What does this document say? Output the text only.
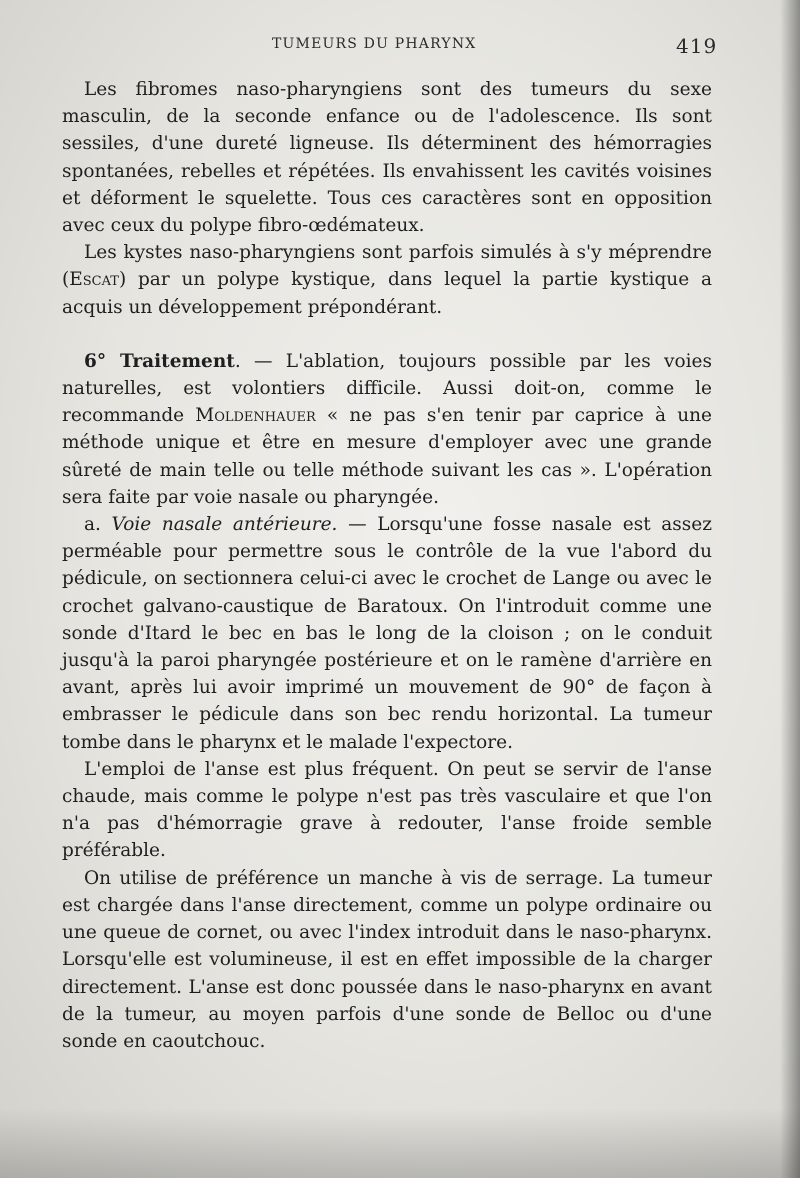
TUMEURS DU PHARYNX	419

Les fibromes naso-pharyngiens sont des tumeurs du sexe masculin, de la seconde enfance ou de l'adolescence. Ils sont sessiles, d'une dureté ligneuse. Ils déterminent des hémorragies spontanées, rebelles et répétées. Ils envahissent les cavités voisines et déforment le squelette. Tous ces caractères sont en opposition avec ceux du polype fibro-œdémateux.

Les kystes naso-pharyngiens sont parfois simulés à s'y méprendre (Escat) par un polype kystique, dans lequel la partie kystique a acquis un développement prépondérant.

6° Traitement. — L'ablation, toujours possible par les voies naturelles, est volontiers difficile. Aussi doit-on, comme le recommande Moldenhauer « ne pas s'en tenir par caprice à une méthode unique et être en mesure d'employer avec une grande sûreté de main telle ou telle méthode suivant les cas ». L'opération sera faite par voie nasale ou pharyngée.

a. Voie nasale antérieure. — Lorsqu'une fosse nasale est assez perméable pour permettre sous le contrôle de la vue l'abord du pédicule, on sectionnera celui-ci avec le crochet de Lange ou avec le crochet galvano-caustique de Baratoux. On l'introduit comme une sonde d'Itard le bec en bas le long de la cloison ; on le conduit jusqu'à la paroi pharyngée postérieure et on le ramène d'arrière en avant, après lui avoir imprimé un mouvement de 90° de façon à embrasser le pédicule dans son bec rendu horizontal. La tumeur tombe dans le pharynx et le malade l'expectore.

L'emploi de l'anse est plus fréquent. On peut se servir de l'anse chaude, mais comme le polype n'est pas très vasculaire et que l'on n'a pas d'hémorragie grave à redouter, l'anse froide semble préférable.

On utilise de préférence un manche à vis de serrage. La tumeur est chargée dans l'anse directement, comme un polype ordinaire ou une queue de cornet, ou avec l'index introduit dans le naso-pharynx. Lorsqu'elle est volumineuse, il est en effet impossible de la charger directement. L'anse est donc poussée dans le naso-pharynx en avant de la tumeur, au moyen parfois d'une sonde de Belloc ou d'une sonde en caoutchouc.
